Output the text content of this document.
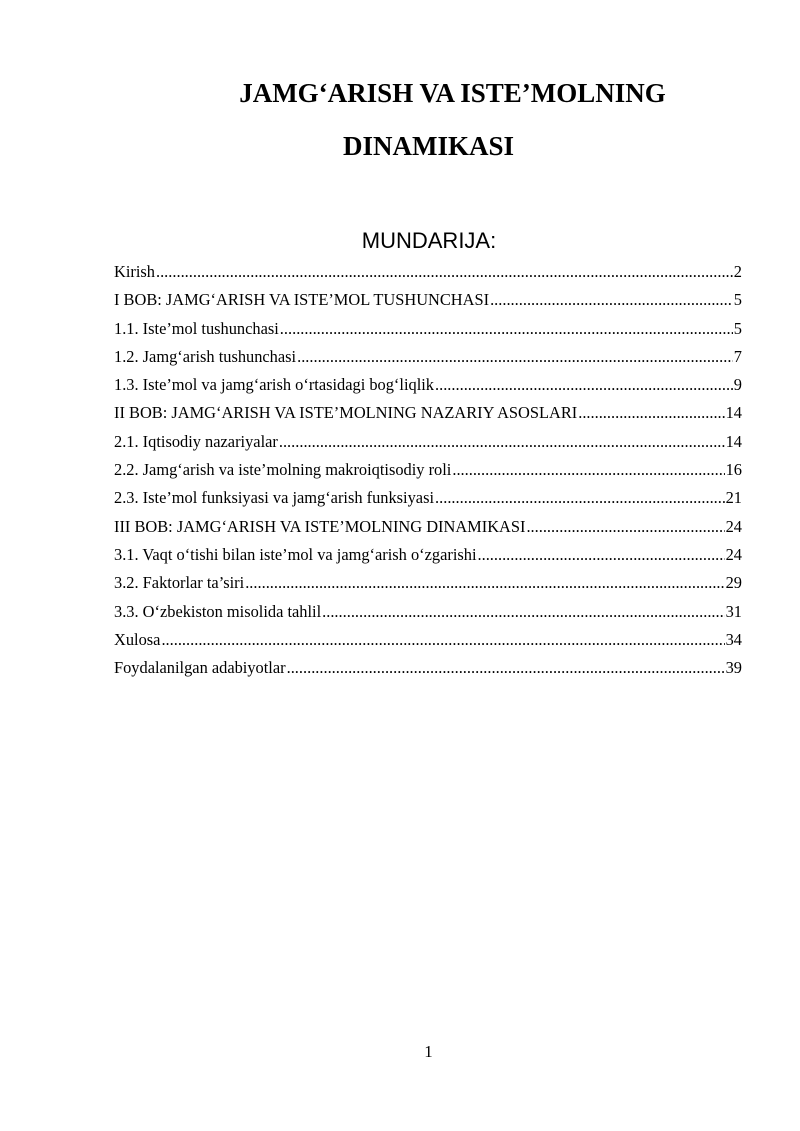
JAMG‘ARISH VA ISTE’MOLNING
DINAMIKASI
MUNDARIJA:
Kirish .....	2
I BOB: JAMG‘ARISH VA ISTE’MOL TUSHUNCHASI .....	5
1.1. Iste’mol tushunchasi .....	5
1.2. Jamg‘arish tushunchasi .....	7
1.3. Iste’mol va jamg‘arish o‘rtasidagi bog‘liqlik .....	9
II BOB: JAMG‘ARISH VA ISTE’MOLNING NAZARIY ASOSLARI .....	14
2.1. Iqtisodiy nazariyalar .....	14
2.2. Jamg‘arish va iste’molning makroiqtisodiy roli .....	16
2.3. Iste’mol funksiyasi va jamg‘arish funksiyasi .....	21
III BOB: JAMG‘ARISH VA ISTE’MOLNING DINAMIKASI .....	24
3.1. Vaqt o‘tishi bilan iste’mol va jamg‘arish o‘zgarishi .....	24
3.2. Faktorlar ta’siri .....	29
3.3. O‘zbekiston misolida tahlil .....	31
Xulosa .....	34
Foydalanilgan adabiyotlar .....	39
1
